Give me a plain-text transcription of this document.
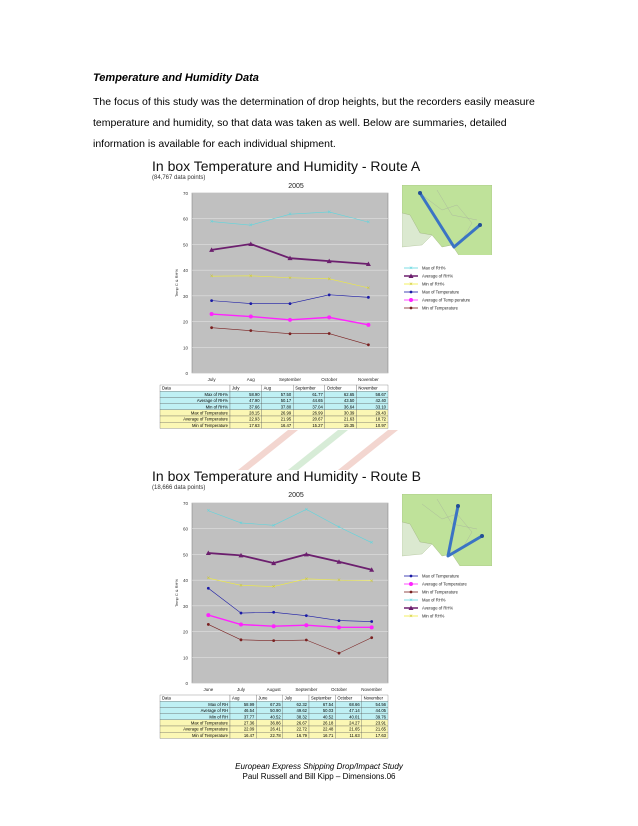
Temperature and Humidity Data
The focus of this study was the determination of drop heights, but the recorders easily measure
temperature and humidity, so that data was taken as well. Below are summaries, detailed
information is available for each individual shipment.
In box Temperature and Humidity - Route A
(84,767 data points)
2005
0
10
20
30
40
50
60
70
Temp C & RH%
July	Aug	September	October	November
×
×
×	×
×
×	×	×	×
×
Data	July	Aug	September	October	November
Max of RH%	58.90	57.50	61.77	62.65	58.67
Average of RH%	47.90	50.17	44.65	43.50	42.40
Min of RH%	37.66	37.80	37.04	36.64	33.10
Max of Temperature	28.15	26.99	26.99	30.39	29.43
Average of Temperature	22.93	21.95	20.67	21.63	18.72
Min of Temperature	17.63	16.47	15.27	15.35	10.97
× Max of RH%
Average of RH%
× Min of RH%
Max of Temperature
Average of Temp perature
Min of Temperature
In box Temperature and Humidity - Route B
(18,666 data points)
2005
0
10
20
30
40
50
60
70
Temp C & RH%
June	July	August	September	October	November
×
×	×
×
×
×
×
×	×
×	×	×
Data	Aug	June	July	September October	November
Max of RH	58.99	67.25	62.32	67.54	68.66	54.56
Average of RH	46.54	50.90	49.62	50.03	47.14	44.05
Min of RH	37.77	40.52	38.32	40.52	40.01	39.76
Max of Temperature	27.36	36.86	26.67	26.18	24.27	23.91
Average of Temperature	22.09	26.41	22.72	22.48	21.65	21.65
Min of Temperature	16.47	22.78	16.79	16.71	11.63	17.63
Max of Temperature
Average of Temperature
Min of Temperature
× Max of RH%
Average of RH%
× Min of RH%
European Express Shipping Drop/Impact Study
Paul Russell and Bill Kipp – Dimensions.06
